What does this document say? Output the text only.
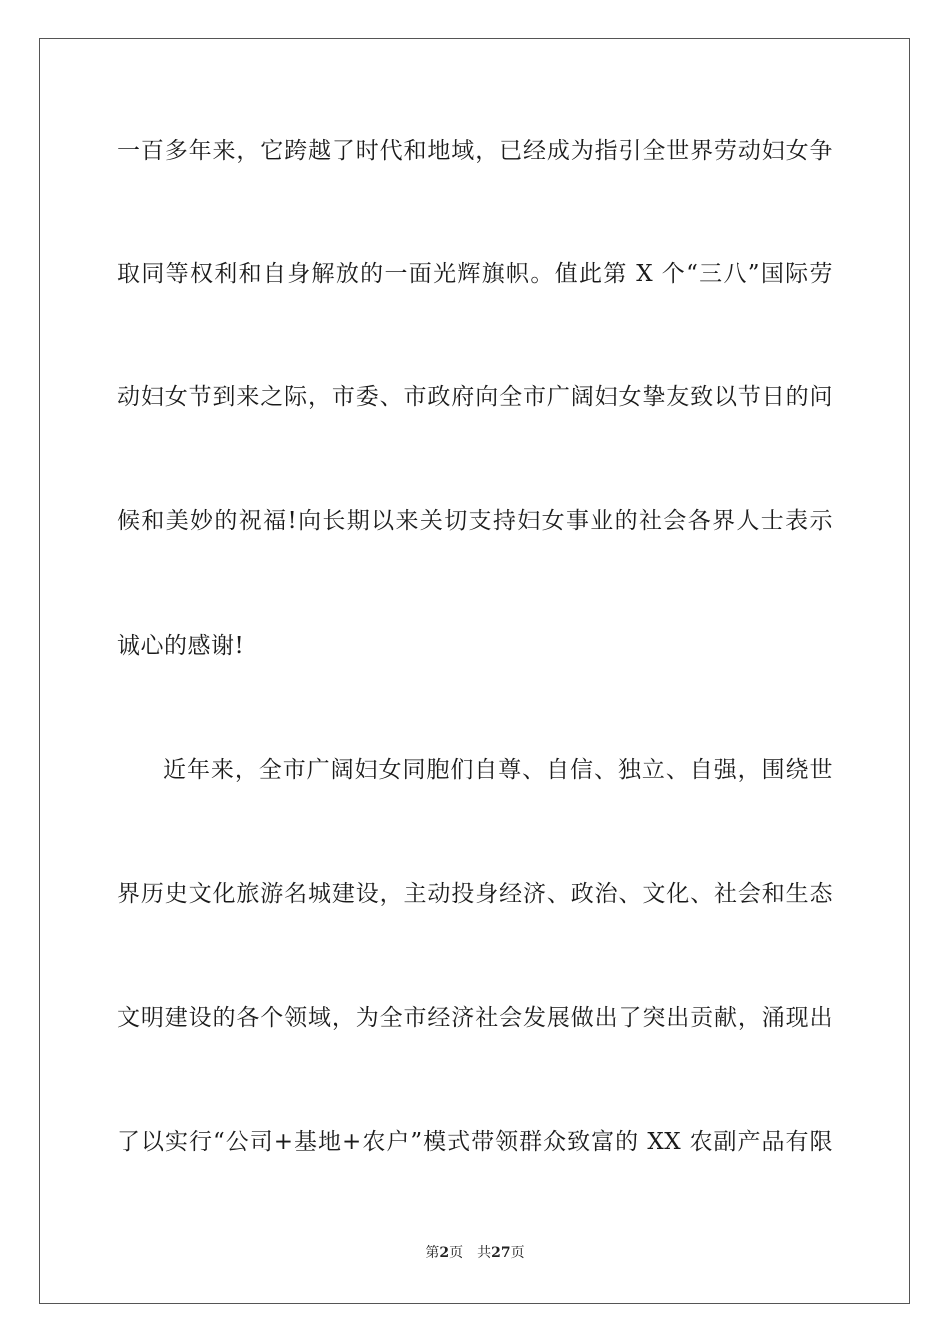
一百多年来，它跨越了时代和地域，已经成为指引全世界劳动妇女争
取同等权利和自身解放的一面光辉旗帜。值此第 X 个“三八”国际劳
动妇女节到来之际，市委、市政府向全市广阔妇女挚友致以节日的问
候和美妙的祝福!向长期以来关切支持妇女事业的社会各界人士表示
诚心的感谢!
近年来，全市广阔妇女同胞们自尊、自信、独立、自强，围绕世
界历史文化旅游名城建设，主动投身经济、政治、文化、社会和生态
文明建设的各个领域，为全市经济社会发展做出了突出贡献，涌现出
了以实行“公司+基地+农户”模式带领群众致富的 XX 农副产品有限
第2页 共27页
